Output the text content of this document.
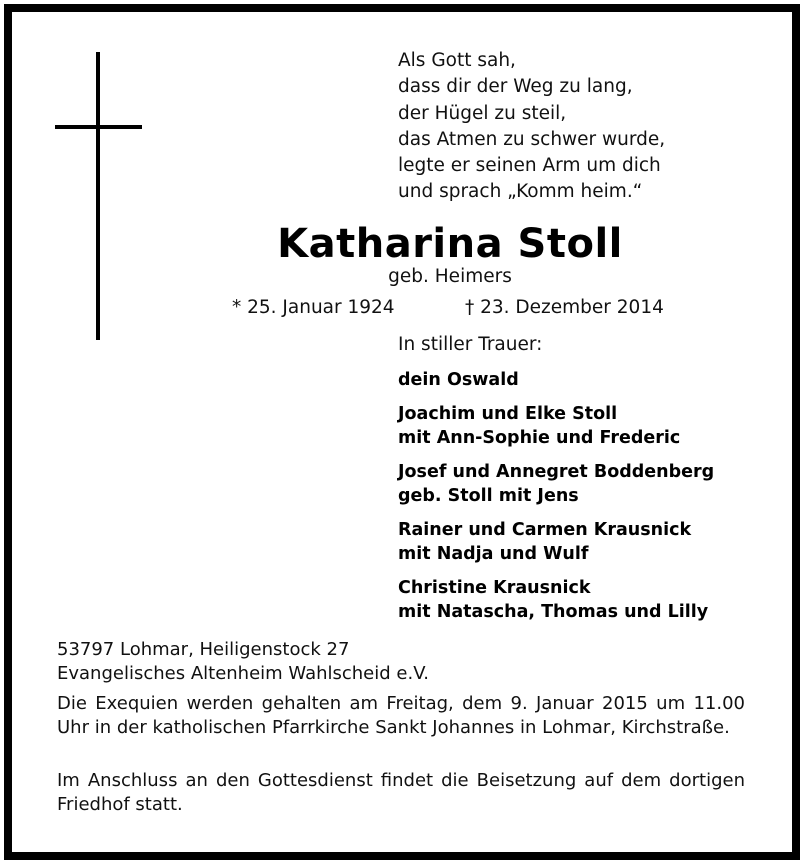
Als Gott sah,
dass dir der Weg zu lang,
der Hügel zu steil,
das Atmen zu schwer wurde,
legte er seinen Arm um dich
und sprach „Komm heim.“
Katharina Stoll
geb. Heimers
* 25. Januar 1924	† 23. Dezember 2014
In stiller Trauer:
dein Oswald
Joachim und Elke Stoll
mit Ann-Sophie und Frederic
Josef und Annegret Boddenberg
geb. Stoll mit Jens
Rainer und Carmen Krausnick
mit Nadja und Wulf
Christine Krausnick
mit Natascha, Thomas und Lilly
53797 Lohmar, Heiligenstock 27
Evangelisches Altenheim Wahlscheid e.V.
Die Exequien werden gehalten am Freitag, dem 9. Januar 2015 um 11.00 Uhr in der katholischen Pfarrkirche Sankt Johannes in Lohmar, Kirchstraße.
Im Anschluss an den Gottesdienst findet die Beisetzung auf dem dortigen Friedhof statt.
